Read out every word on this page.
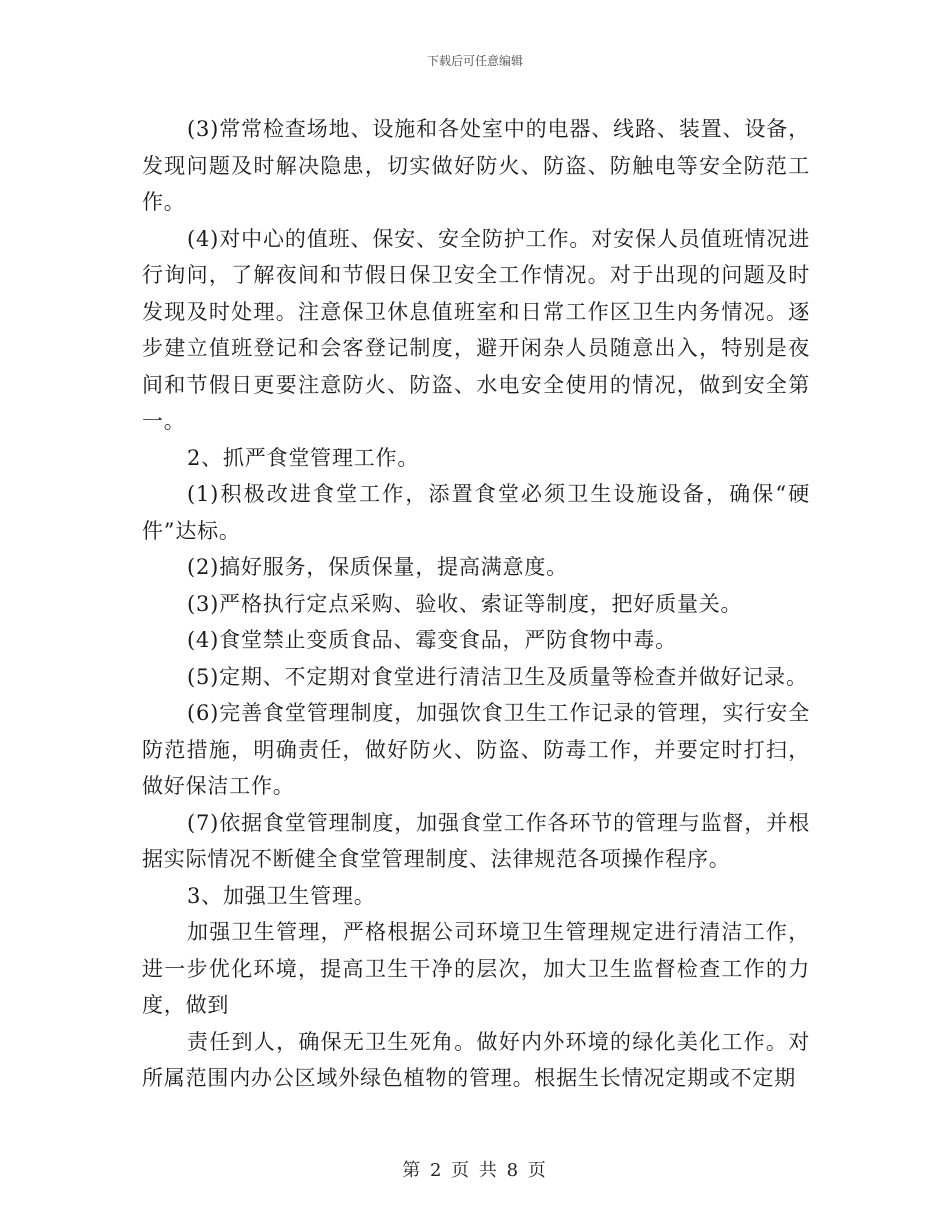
下载后可任意编辑

(3)常常检查场地、设施和各处室中的电器、线路、装置、设备，发现问题及时解决隐患，切实做好防火、防盗、防触电等安全防范工作。

(4)对中心的值班、保安、安全防护工作。对安保人员值班情况进行询问，了解夜间和节假日保卫安全工作情况。对于出现的问题及时发现及时处理。注意保卫休息值班室和日常工作区卫生内务情况。逐步建立值班登记和会客登记制度，避开闲杂人员随意出入，特别是夜间和节假日更要注意防火、防盗、水电安全使用的情况，做到安全第一。

2、抓严食堂管理工作。

(1)积极改进食堂工作，添置食堂必须卫生设施设备，确保“硬件”达标。

(2)搞好服务，保质保量，提高满意度。

(3)严格执行定点采购、验收、索证等制度，把好质量关。

(4)食堂禁止变质食品、霉变食品，严防食物中毒。

(5)定期、不定期对食堂进行清洁卫生及质量等检查并做好记录。

(6)完善食堂管理制度，加强饮食卫生工作记录的管理，实行安全防范措施，明确责任，做好防火、防盗、防毒工作，并要定时打扫，做好保洁工作。

(7)依据食堂管理制度，加强食堂工作各环节的管理与监督，并根据实际情况不断健全食堂管理制度、法律规范各项操作程序。

3、加强卫生管理。

加强卫生管理，严格根据公司环境卫生管理规定进行清洁工作，进一步优化环境，提高卫生干净的层次，加大卫生监督检查工作的力度，做到

责任到人，确保无卫生死角。做好内外环境的绿化美化工作。对所属范围内办公区域外绿色植物的管理。根据生长情况定期或不定期

第 2 页 共 8 页
